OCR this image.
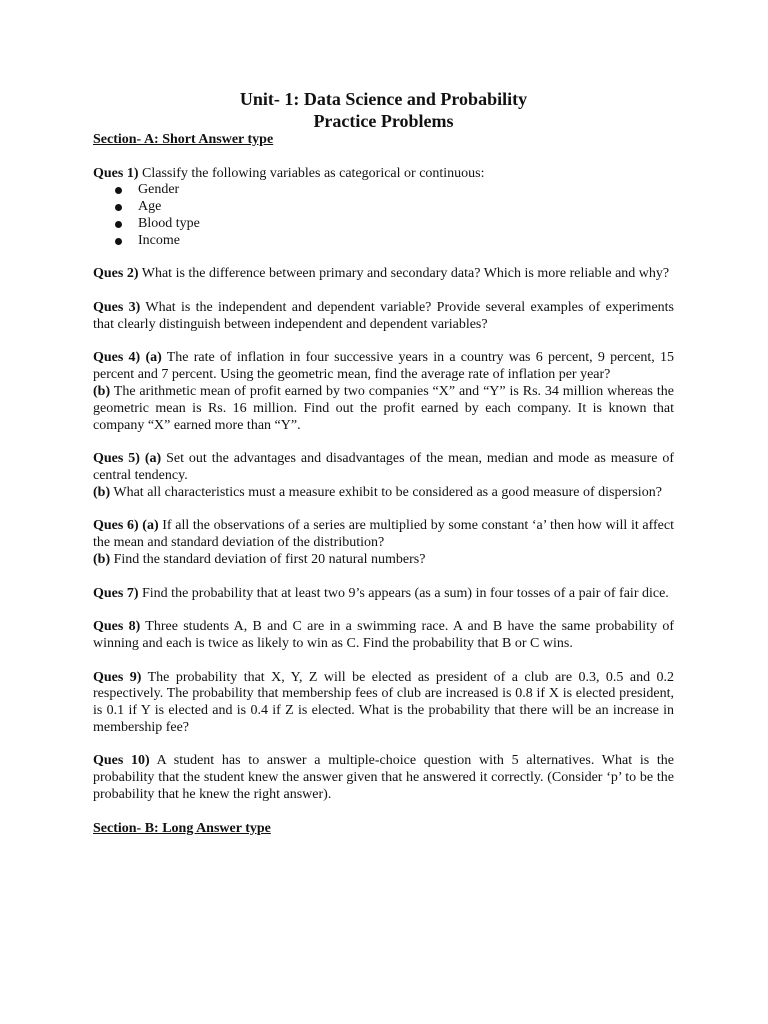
Unit- 1: Data Science and Probability

Practice Problems

Section- A: Short Answer type

Ques 1) Classify the following variables as categorical or continuous:

Gender
Age
Blood type
Income

Ques 2) What is the difference between primary and secondary data? Which is more reliable and why?

Ques 3) What is the independent and dependent variable? Provide several examples of experiments that clearly distinguish between independent and dependent variables?

Ques 4) (a) The rate of inflation in four successive years in a country was 6 percent, 9 percent, 15 percent and 7 percent. Using the geometric mean, find the average rate of inflation per year?

(b) The arithmetic mean of profit earned by two companies “X” and “Y” is Rs. 34 million whereas the geometric mean is Rs. 16 million. Find out the profit earned by each company. It is known that company “X” earned more than “Y”.

Ques 5) (a) Set out the advantages and disadvantages of the mean, median and mode as measure of central tendency.

(b) What all characteristics must a measure exhibit to be considered as a good measure of dispersion?

Ques 6) (a) If all the observations of a series are multiplied by some constant ‘a’ then how will it affect the mean and standard deviation of the distribution?

(b) Find the standard deviation of first 20 natural numbers?

Ques 7) Find the probability that at least two 9’s appears (as a sum) in four tosses of a pair of fair dice.

Ques 8) Three students A, B and C are in a swimming race. A and B have the same probability of winning and each is twice as likely to win as C. Find the probability that B or C wins.

Ques 9) The probability that X, Y, Z will be elected as president of a club are 0.3, 0.5 and 0.2 respectively. The probability that membership fees of club are increased is 0.8 if X is elected president, is 0.1 if Y is elected and is 0.4 if Z is elected. What is the probability that there will be an increase in membership fee?

Ques 10) A student has to answer a multiple-choice question with 5 alternatives. What is the probability that the student knew the answer given that he answered it correctly. (Consider ‘p’ to be the probability that he knew the right answer).

Section- B: Long Answer type
